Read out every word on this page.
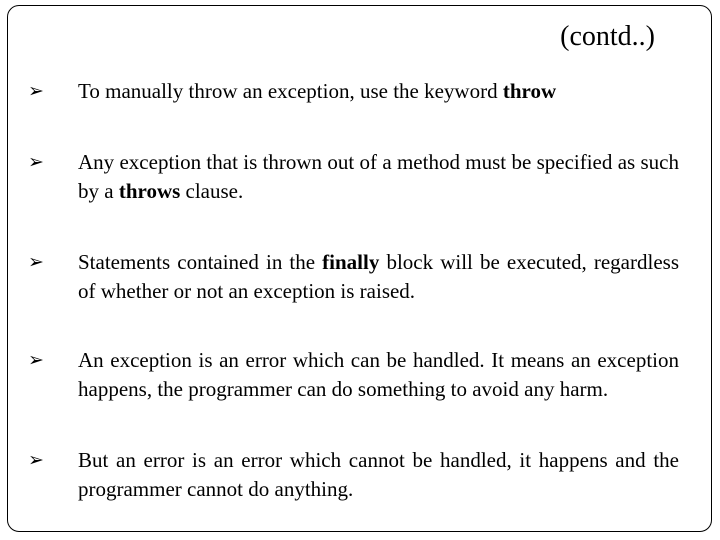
(contd..)
➢ To manually throw an exception, use the keyword throw
➢ Any exception that is thrown out of a method must be specified as such by a throws clause.
➢ Statements contained in the finally block will be executed, regardless of whether or not an exception is raised.
➢ An exception is an error which can be handled. It means an exception happens, the programmer can do something to avoid any harm.
➢ But an error is an error which cannot be handled, it happens and the programmer cannot do anything.
